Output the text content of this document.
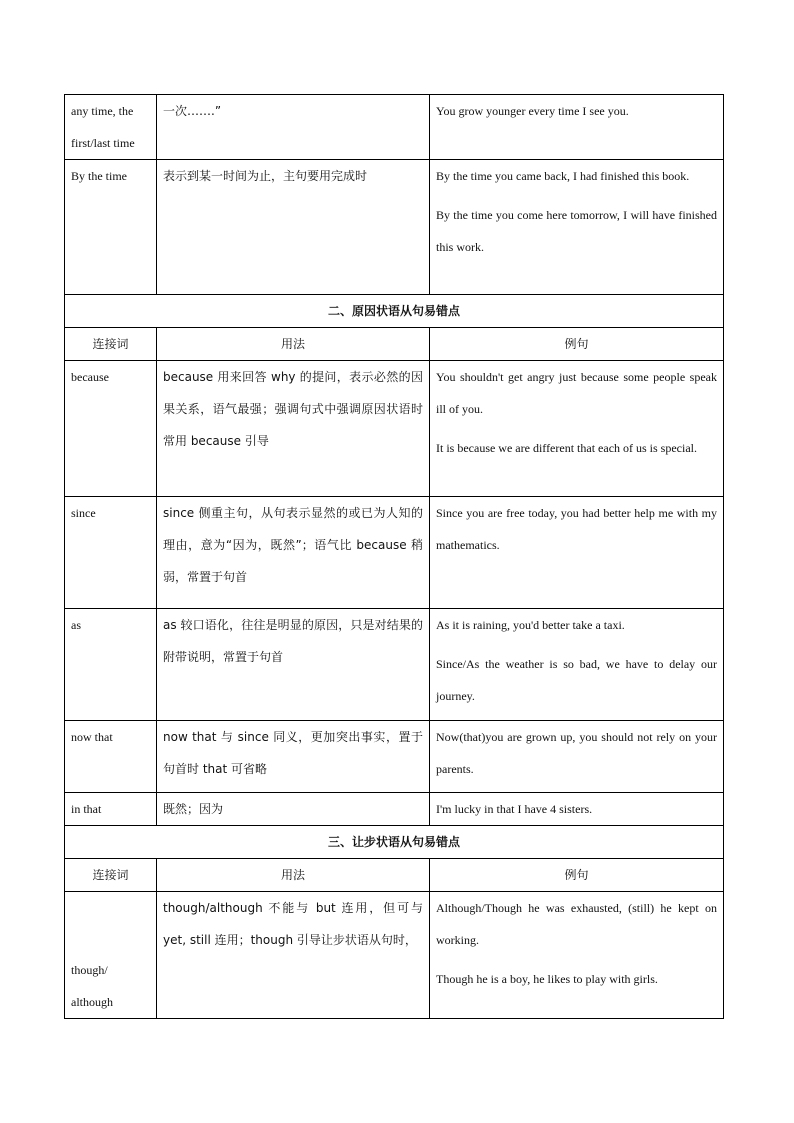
any time, the first/last time	一次…….”	You grow younger every time I see you.

By the time	表示到某一时间为止，主句要用完成时	By the time you came back, I had finished this book.

By the time you come here tomorrow, I will have finished this work.

二、原因状语从句易错点		
连接词	用法	例句
because	because 用来回答 why 的提问，表示必然的因果关系，语气最强；强调句式中强调原因状语时常用 because 引导	You shouldn't get angry just because some people speak ill of you.

It is because we are different that each of us is special.

since	since 侧重主句，从句表示显然的或已为人知的理由，意为“因为，既然”；语气比 because 稍弱，常置于句首	Since you are free today, you had better help me with my mathematics.

as	as 较口语化，往往是明显的原因，只是对结果的附带说明，常置于句首	As it is raining, you'd better take a taxi.

Since/As the weather is so bad, we have to delay our journey.

now that	now that 与 since 同义，更加突出事实，置于句首时 that 可省略	Now(that)you are grown up, you should not rely on your parents.

in that	既然；因为	I'm lucky in that I have 4 sisters.
三、让步状语从句易错点		
连接词	用法	例句
though/ although	though/although 不能与 but 连用，但可与 yet, still 连用；though 引导让步状语从句时，	Although/Though he was exhausted, (still) he kept on working.

Though he is a boy, he likes to play with girls.
